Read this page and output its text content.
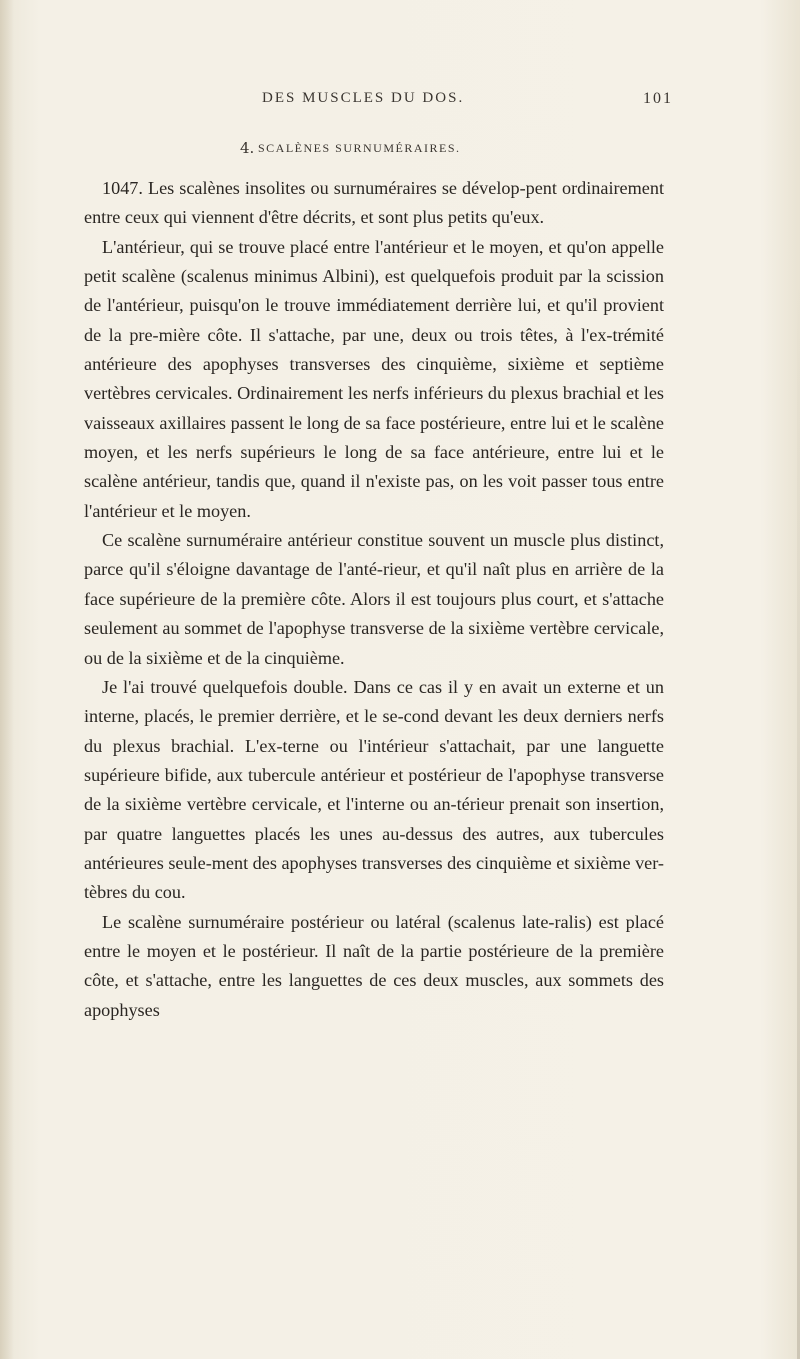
DES MUSCLES DU DOS.	101
4. SCALÈNES SURNUMÉRAIRES.

1047. Les scalènes insolites ou surnuméraires se dévelop-pent ordinairement entre ceux qui viennent d'être décrits, et sont plus petits qu'eux.

L'antérieur, qui se trouve placé entre l'antérieur et le moyen, et qu'on appelle petit scalène (scalenus minimus Albini), est quelquefois produit par la scission de l'antérieur, puisqu'on le trouve immédiatement derrière lui, et qu'il provient de la pre-mière côte. Il s'attache, par une, deux ou trois têtes, à l'ex-trémité antérieure des apophyses transverses des cinquième, sixième et septième vertèbres cervicales. Ordinairement les nerfs inférieurs du plexus brachial et les vaisseaux axillaires passent le long de sa face postérieure, entre lui et le scalène moyen, et les nerfs supérieurs le long de sa face antérieure, entre lui et le scalène antérieur, tandis que, quand il n'existe pas, on les voit passer tous entre l'antérieur et le moyen.

Ce scalène surnuméraire antérieur constitue souvent un muscle plus distinct, parce qu'il s'éloigne davantage de l'anté-rieur, et qu'il naît plus en arrière de la face supérieure de la première côte. Alors il est toujours plus court, et s'attache seulement au sommet de l'apophyse transverse de la sixième vertèbre cervicale, ou de la sixième et de la cinquième.

Je l'ai trouvé quelquefois double. Dans ce cas il y en avait un externe et un interne, placés, le premier derrière, et le se-cond devant les deux derniers nerfs du plexus brachial. L'ex-terne ou l'intérieur s'attachait, par une languette supérieure bifide, aux tubercule antérieur et postérieur de l'apophyse transverse de la sixième vertèbre cervicale, et l'interne ou an-térieur prenait son insertion, par quatre languettes placés les unes au-dessus des autres, aux tubercules antérieures seule-ment des apophyses transverses des cinquième et sixième ver-tèbres du cou.

Le scalène surnuméraire postérieur ou latéral (scalenus late-ralis) est placé entre le moyen et le postérieur. Il naît de la partie postérieure de la première côte, et s'attache, entre les languettes de ces deux muscles, aux sommets des apophyses
